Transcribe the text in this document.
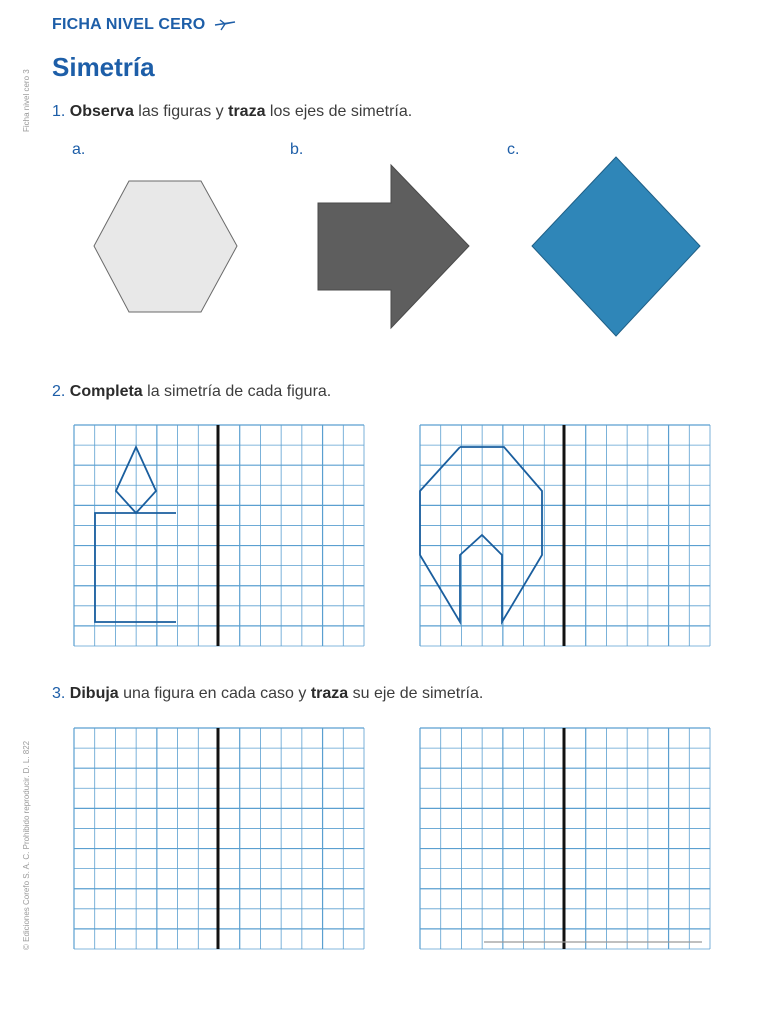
FICHA NIVEL CERO
Simetría
Ficha nivel cero 3
© Ediciones Corefo S. A. C. Prohibido reproducir. D. L. 822
1. Observa las figuras y traza los ejes de simetría.
a.	b.	c.
2. Completa la simetría de cada figura.
3. Dibuja una figura en cada caso y traza su eje de simetría.
